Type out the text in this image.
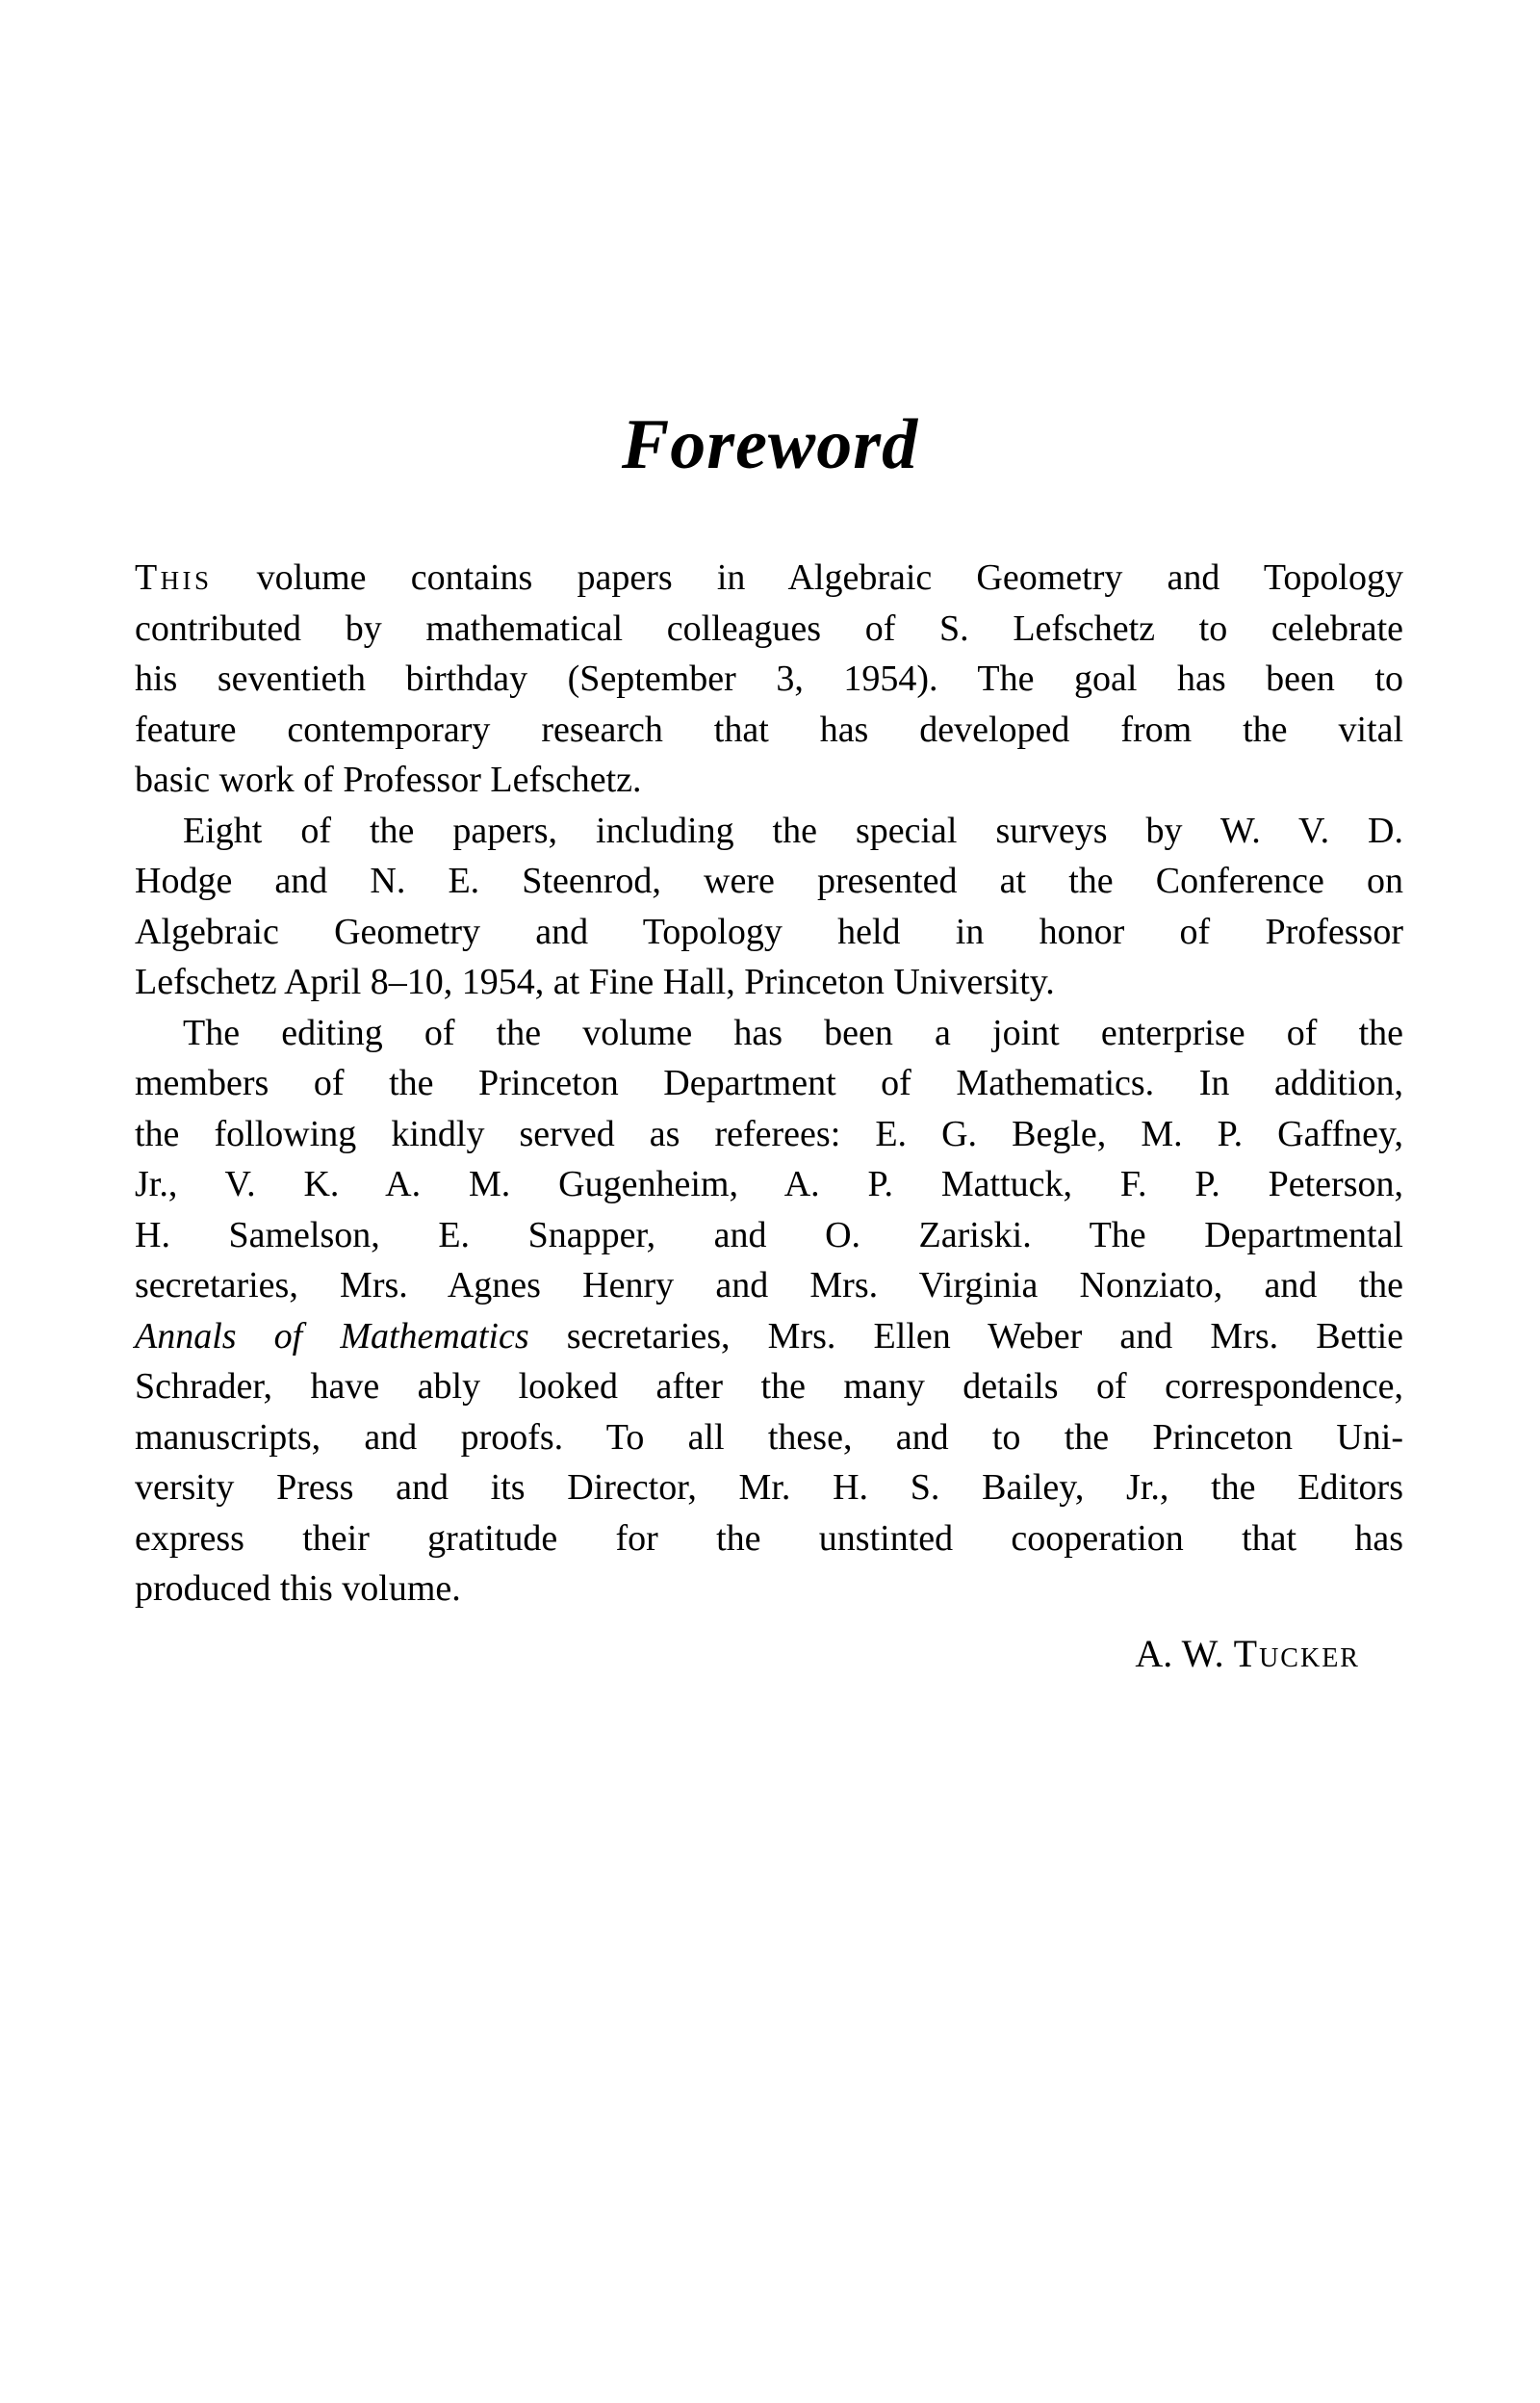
Foreword
This volume contains papers in Algebraic Geometry and Topology
contributed by mathematical colleagues of S. Lefschetz to celebrate
his seventieth birthday (September 3, 1954). The goal has been to
feature contemporary research that has developed from the vital
basic work of Professor Lefschetz.
Eight of the papers, including the special surveys by W. V. D.
Hodge and N. E. Steenrod, were presented at the Conference on
Algebraic Geometry and Topology held in honor of Professor
Lefschetz April 8–10, 1954, at Fine Hall, Princeton University.
The editing of the volume has been a joint enterprise of the
members of the Princeton Department of Mathematics. In addition,
the following kindly served as referees: E. G. Begle, M. P. Gaffney,
Jr., V. K. A. M. Gugenheim, A. P. Mattuck, F. P. Peterson,
H. Samelson, E. Snapper, and O. Zariski. The Departmental
secretaries, Mrs. Agnes Henry and Mrs. Virginia Nonziato, and the
Annals of Mathematics secretaries, Mrs. Ellen Weber and Mrs. Bettie
Schrader, have ably looked after the many details of correspondence,
manuscripts, and proofs. To all these, and to the Princeton Uni-
versity Press and its Director, Mr. H. S. Bailey, Jr., the Editors
express their gratitude for the unstinted cooperation that has
produced this volume.
A. W. Tucker
